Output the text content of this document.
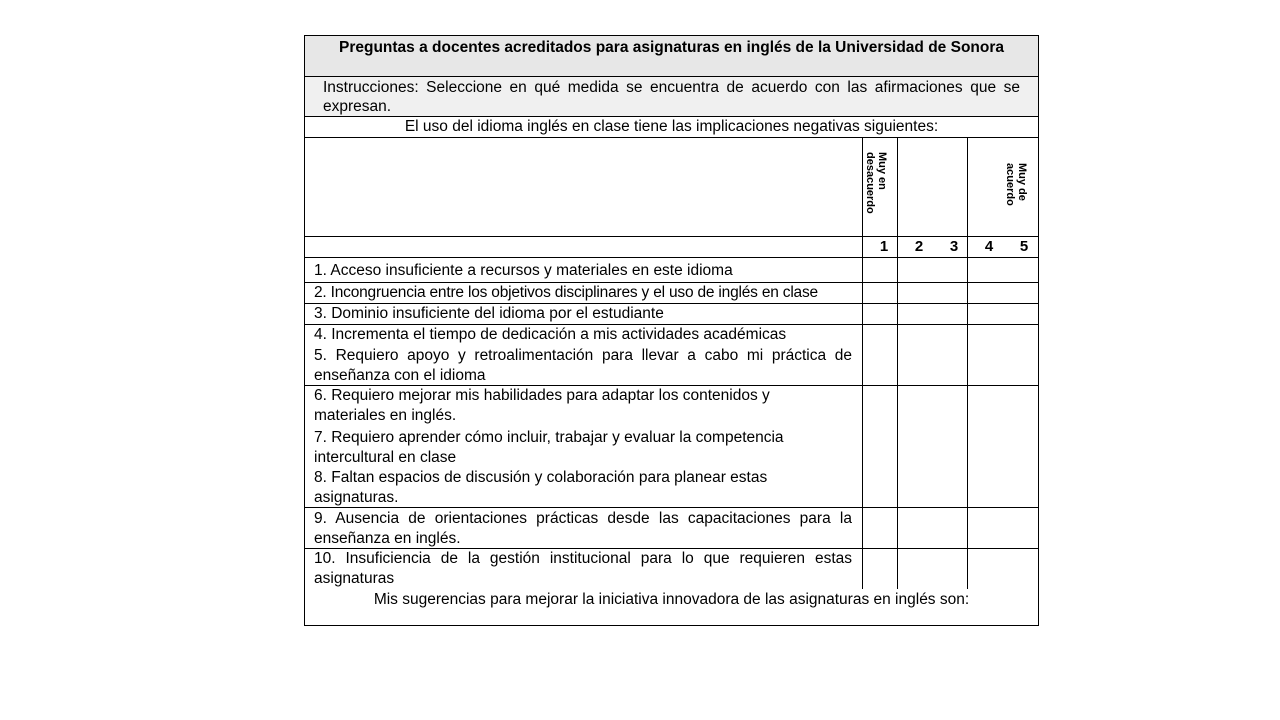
Preguntas a docentes acreditados para asignaturas en inglés de la Universidad de Sonora
Instrucciones: Seleccione en qué medida se encuentra de acuerdo con las afirmaciones que se expresan.
El uso del idioma inglés en clase tiene las implicaciones negativas siguientes:
Muy en desacuerdo	Muy de acuerdo
1 2 3 4 5
1. Acceso insuficiente a recursos y materiales en este idioma
2. Incongruencia entre los objetivos disciplinares y el uso de inglés en clase
3. Dominio insuficiente del idioma por el estudiante
4. Incrementa el tiempo de dedicación a mis actividades académicas
5. Requiero apoyo y retroalimentación para llevar a cabo mi práctica de enseñanza con el idioma
6. Requiero mejorar mis habilidades para adaptar los contenidos y materiales en inglés.
7. Requiero aprender cómo incluir, trabajar y evaluar la competencia intercultural en clase
8. Faltan espacios de discusión y colaboración para planear estas asignaturas.
9. Ausencia de orientaciones prácticas desde las capacitaciones para la enseñanza en inglés.
10. Insuficiencia de la gestión institucional para lo que requieren estas asignaturas
Mis sugerencias para mejorar la iniciativa innovadora de las asignaturas en inglés son:
